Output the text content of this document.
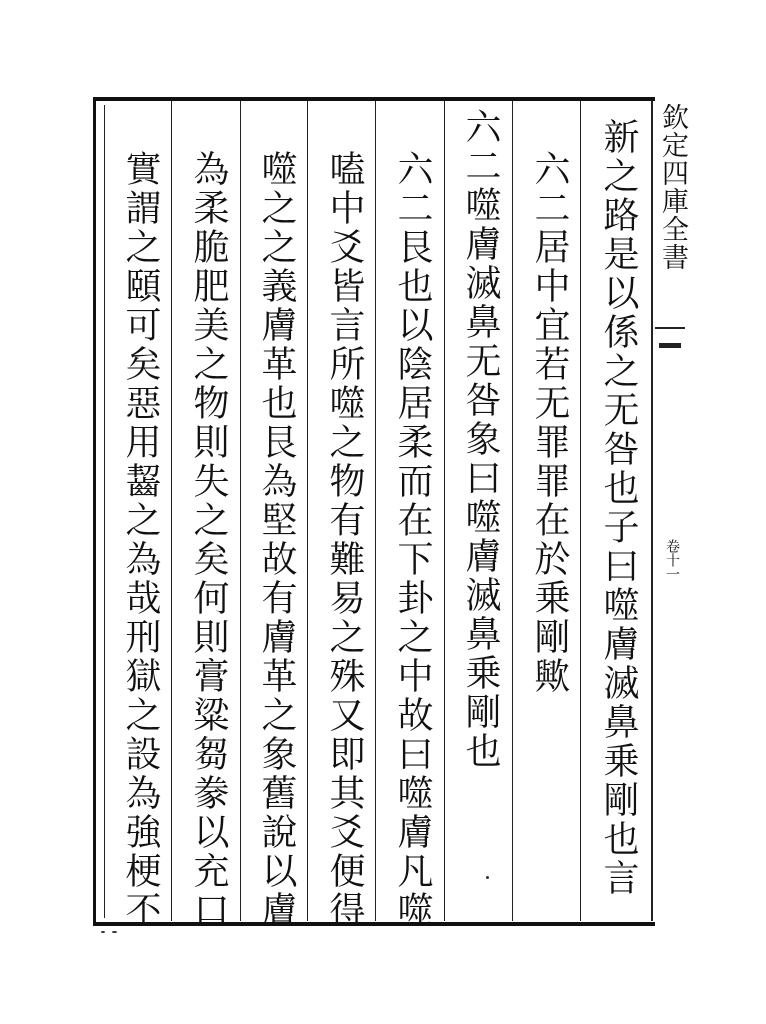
新之路是以係之无咎也子曰噬膚滅鼻乗剛也言
六二居中宜若无罪罪在於乗剛歟
六二噬膚滅鼻无咎象曰噬膚滅鼻乗剛也
六二艮也以陰居柔而在下卦之中故曰噬膚凡噬
嗑中爻皆言所噬之物有難易之殊又即其爻便得
噬之之義膚革也艮為堅故有膚革之象舊說以膚
為柔脆肥美之物則失之矣何則膏粱芻豢以充口
實謂之頤可矣惡用齧之為哉刑獄之設為強梗不	欽定四庫全書
卷十一
